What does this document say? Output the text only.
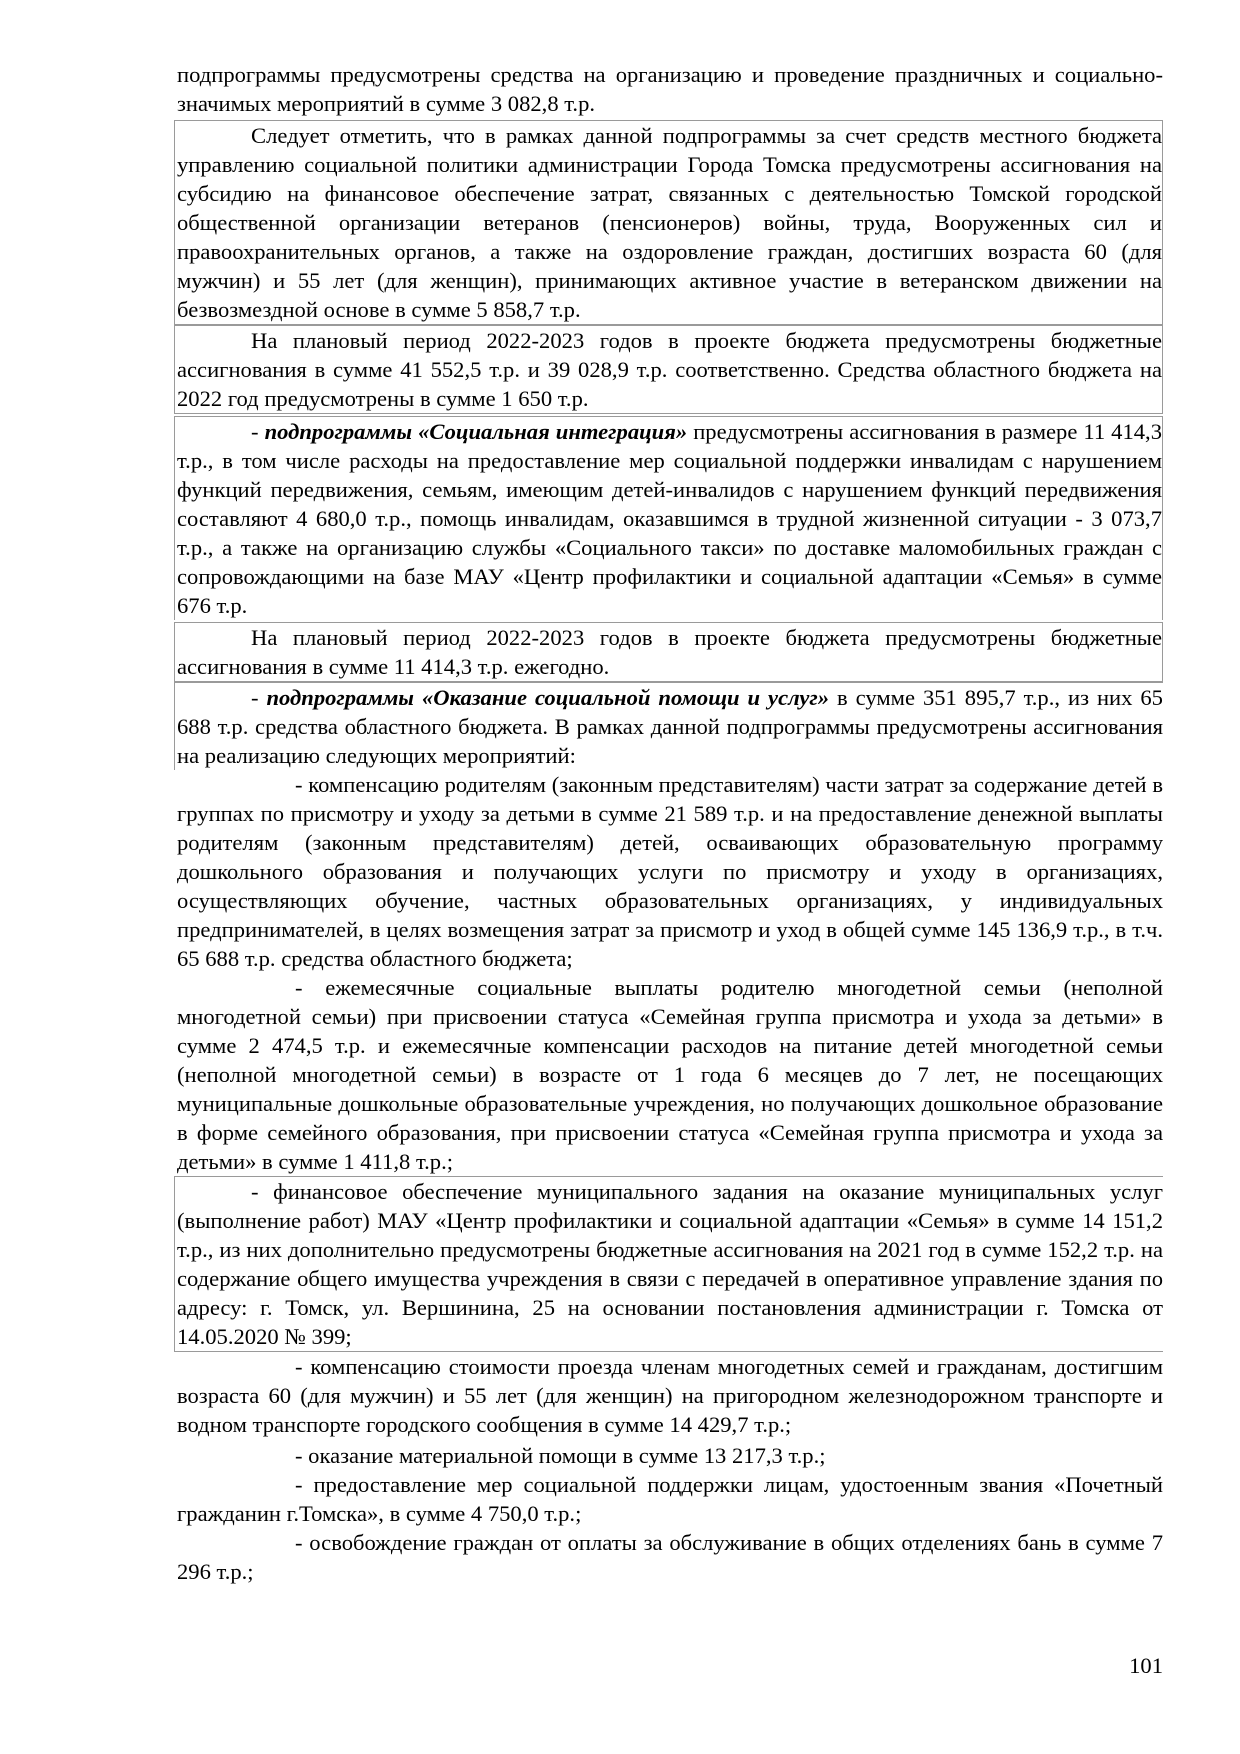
подпрограммы предусмотрены средства на организацию и проведение праздничных и социально-значимых мероприятий в сумме 3 082,8 т.р.

Следует отметить, что в рамках данной подпрограммы за счет средств местного бюджета управлению социальной политики администрации Города Томска предусмотрены ассигнования на субсидию на финансовое обеспечение затрат, связанных с деятельностью Томской городской общественной организации ветеранов (пенсионеров) войны, труда, Вооруженных сил и правоохранительных органов, а также на оздоровление граждан, достигших возраста 60 (для мужчин) и 55 лет (для женщин), принимающих активное участие в ветеранском движении на безвозмездной основе в сумме 5 858,7 т.р.

На плановый период 2022-2023 годов в проекте бюджета предусмотрены бюджетные ассигнования в сумме 41 552,5 т.р. и 39 028,9 т.р. соответственно. Средства областного бюджета на 2022 год предусмотрены в сумме 1 650 т.р.

- подпрограммы «Социальная интеграция» предусмотрены ассигнования в размере 11 414,3 т.р., в том числе расходы на предоставление мер социальной поддержки инвалидам с нарушением функций передвижения, семьям, имеющим детей-инвалидов с нарушением функций передвижения составляют 4 680,0 т.р., помощь инвалидам, оказавшимся в трудной жизненной ситуации - 3 073,7 т.р., а также на организацию службы «Социального такси» по доставке маломобильных граждан с сопровождающими на базе МАУ «Центр профилактики и социальной адаптации «Семья» в сумме 676 т.р.

На плановый период 2022-2023 годов в проекте бюджета предусмотрены бюджетные ассигнования в сумме 11 414,3 т.р. ежегодно.

- подпрограммы «Оказание социальной помощи и услуг» в сумме 351 895,7 т.р., из них 65 688 т.р. средства областного бюджета. В рамках данной подпрограммы предусмотрены ассигнования на реализацию следующих мероприятий:

- компенсацию родителям (законным представителям) части затрат за содержание детей в группах по присмотру и уходу за детьми в сумме 21 589 т.р. и на предоставление денежной выплаты родителям (законным представителям) детей, осваивающих образовательную программу дошкольного образования и получающих услуги по присмотру и уходу в организациях, осуществляющих обучение, частных образовательных организациях, у индивидуальных предпринимателей, в целях возмещения затрат за присмотр и уход в общей сумме 145 136,9 т.р., в т.ч. 65 688 т.р. средства областного бюджета;

- ежемесячные социальные выплаты родителю многодетной семьи (неполной многодетной семьи) при присвоении статуса «Семейная группа присмотра и ухода за детьми» в сумме 2 474,5 т.р. и ежемесячные компенсации расходов на питание детей многодетной семьи (неполной многодетной семьи) в возрасте от 1 года 6 месяцев до 7 лет, не посещающих муниципальные дошкольные образовательные учреждения, но получающих дошкольное образование в форме семейного образования, при присвоении статуса «Семейная группа присмотра и ухода за детьми» в сумме 1 411,8 т.р.;

- финансовое обеспечение муниципального задания на оказание муниципальных услуг (выполнение работ) МАУ «Центр профилактики и социальной адаптации «Семья» в сумме 14 151,2 т.р., из них дополнительно предусмотрены бюджетные ассигнования на 2021 год в сумме 152,2 т.р. на содержание общего имущества учреждения в связи с передачей в оперативное управление здания по адресу: г. Томск, ул. Вершинина, 25 на основании постановления администрации г. Томска от 14.05.2020 № 399;

- компенсацию стоимости проезда членам многодетных семей и гражданам, достигшим возраста 60 (для мужчин) и 55 лет (для женщин) на пригородном железнодорожном транспорте и водном транспорте городского сообщения в сумме 14 429,7 т.р.;

- оказание материальной помощи в сумме 13 217,3 т.р.;

- предоставление мер социальной поддержки лицам, удостоенным звания «Почетный гражданин г.Томска», в сумме 4 750,0 т.р.;

- освобождение граждан от оплаты за обслуживание в общих отделениях бань в сумме 7 296 т.р.;

101
